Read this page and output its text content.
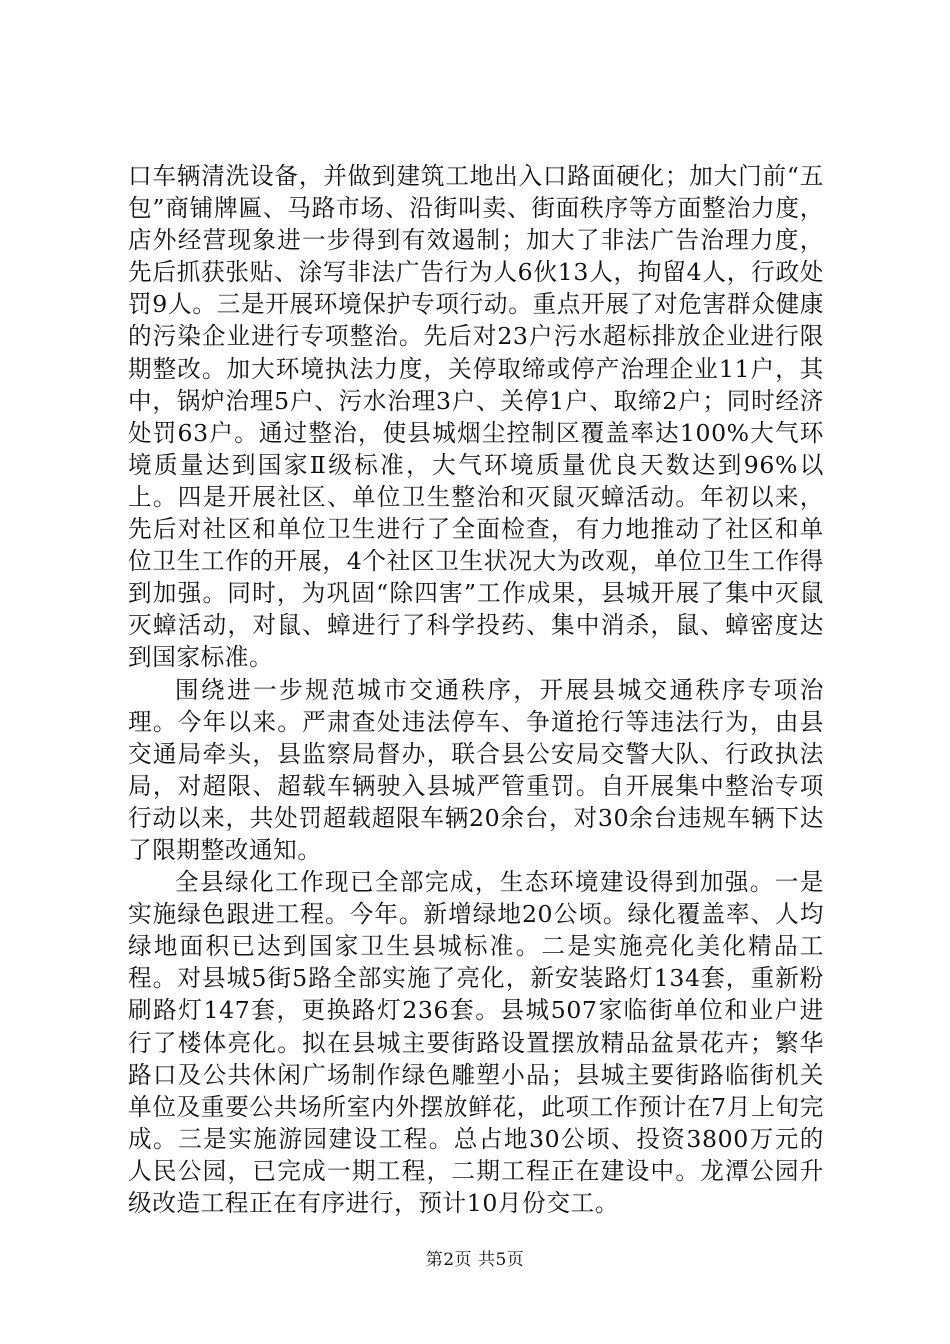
口车辆清洗设备，并做到建筑工地出入口路面硬化；加大门前“五包”商铺牌匾、马路市场、沿街叫卖、街面秩序等方面整治力度，店外经营现象进一步得到有效遏制；加大了非法广告治理力度，先后抓获张贴、涂写非法广告行为人6伙13人，拘留4人，行政处罚9人。三是开展环境保护专项行动。重点开展了对危害群众健康的污染企业进行专项整治。先后对23户污水超标排放企业进行限期整改。加大环境执法力度，关停取缔或停产治理企业11户，其中，锅炉治理5户、污水治理3户、关停1户、取缔2户；同时经济处罚63户。通过整治，使县城烟尘控制区覆盖率达100%大气环境质量达到国家Ⅱ级标准，大气环境质量优良天数达到96%以上。四是开展社区、单位卫生整治和灭鼠灭蟑活动。年初以来，先后对社区和单位卫生进行了全面检查，有力地推动了社区和单位卫生工作的开展，4个社区卫生状况大为改观，单位卫生工作得到加强。同时，为巩固“除四害”工作成果，县城开展了集中灭鼠灭蟑活动，对鼠、蟑进行了科学投药、集中消杀，鼠、蟑密度达到国家标准。

围绕进一步规范城市交通秩序，开展县城交通秩序专项治理。今年以来。严肃查处违法停车、争道抢行等违法行为，由县交通局牵头，县监察局督办，联合县公安局交警大队、行政执法局，对超限、超载车辆驶入县城严管重罚。自开展集中整治专项行动以来，共处罚超载超限车辆20余台，对30余台违规车辆下达了限期整改通知。

全县绿化工作现已全部完成，生态环境建设得到加强。一是实施绿色跟进工程。今年。新增绿地20公顷。绿化覆盖率、人均绿地面积已达到国家卫生县城标准。二是实施亮化美化精品工程。对县城5街5路全部实施了亮化，新安装路灯134套，重新粉刷路灯147套，更换路灯236套。县城507家临街单位和业户进行了楼体亮化。拟在县城主要街路设置摆放精品盆景花卉；繁华路口及公共休闲广场制作绿色雕塑小品；县城主要街路临街机关单位及重要公共场所室内外摆放鲜花，此项工作预计在7月上旬完成。三是实施游园建设工程。总占地30公顷、投资3800万元的人民公园，已完成一期工程，二期工程正在建设中。龙潭公园升级改造工程正在有序进行，预计10月份交工。

第2页 共5页
